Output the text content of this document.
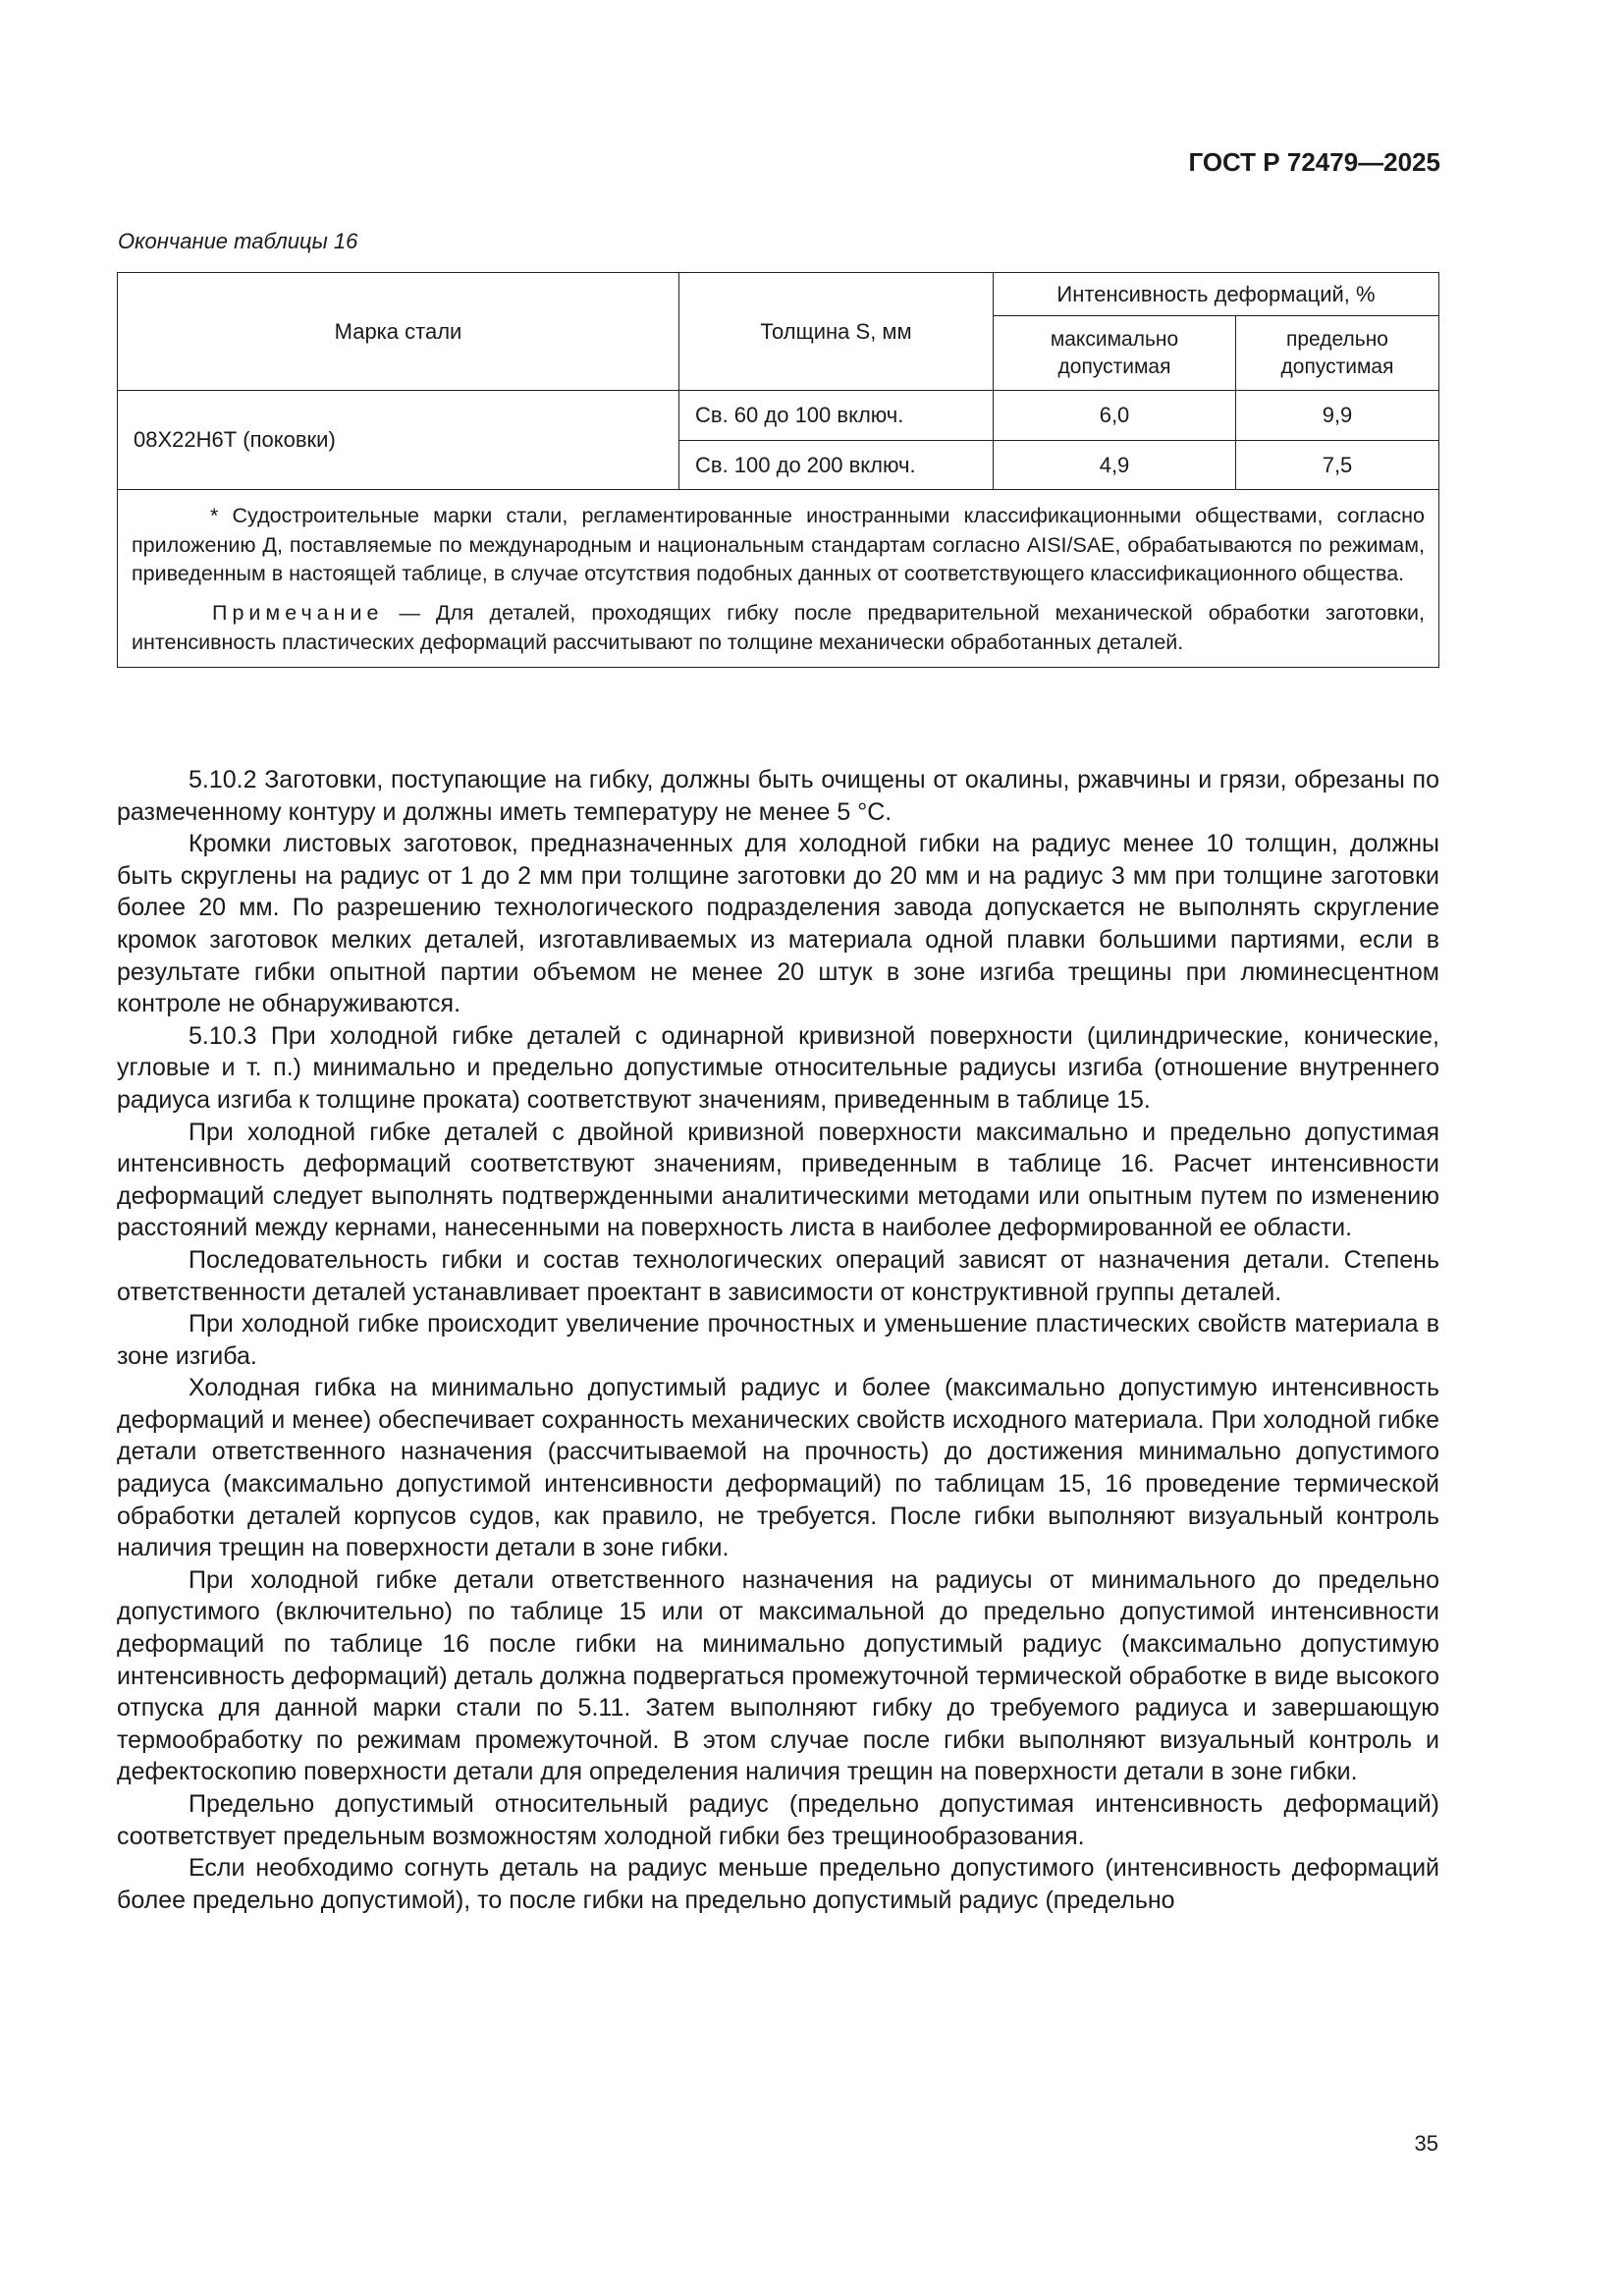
ГОСТ Р 72479—2025
Окончание таблицы 16
Марка стали	Толщина S, мм	Интенсивность деформаций, %	
		максимально допустимая	предельно допустимая
08Х22Н6Т (поковки)	Св. 60 до 100 включ.	6,0	9,9
	Св. 100 до 200 включ.	4,9	7,5

* Судостроительные марки стали, регламентированные иностранными классификационными обществами, согласно приложению Д, поставляемые по международным и национальным стандартам согласно AISI/SAE, обрабатываются по режимам, приведенным в настоящей таблице, в случае отсутствия подобных данных от соответствующего классификационного общества.

Примечание — Для деталей, проходящих гибку после предварительной механической обработки заготовки, интенсивность пластических деформаций рассчитывают по толщине механически обработанных деталей.			

5.10.2 Заготовки, поступающие на гибку, должны быть очищены от окалины, ржавчины и грязи, обрезаны по размеченному контуру и должны иметь температуру не менее 5 °С.

Кромки листовых заготовок, предназначенных для холодной гибки на радиус менее 10 толщин, должны быть скруглены на радиус от 1 до 2 мм при толщине заготовки до 20 мм и на радиус 3 мм при толщине заготовки более 20 мм. По разрешению технологического подразделения завода допускается не выполнять скругление кромок заготовок мелких деталей, изготавливаемых из материала одной плавки большими партиями, если в результате гибки опытной партии объемом не менее 20 штук в зоне изгиба трещины при люминесцентном контроле не обнаруживаются.

5.10.3 При холодной гибке деталей с одинарной кривизной поверхности (цилиндрические, конические, угловые и т. п.) минимально и предельно допустимые относительные радиусы изгиба (отношение внутреннего радиуса изгиба к толщине проката) соответствуют значениям, приведенным в таблице 15.

При холодной гибке деталей с двойной кривизной поверхности максимально и предельно допустимая интенсивность деформаций соответствуют значениям, приведенным в таблице 16. Расчет интенсивности деформаций следует выполнять подтвержденными аналитическими методами или опытным путем по изменению расстояний между кернами, нанесенными на поверхность листа в наиболее деформированной ее области.

Последовательность гибки и состав технологических операций зависят от назначения детали. Степень ответственности деталей устанавливает проектант в зависимости от конструктивной группы деталей.

При холодной гибке происходит увеличение прочностных и уменьшение пластических свойств материала в зоне изгиба.

Холодная гибка на минимально допустимый радиус и более (максимально допустимую интенсивность деформаций и менее) обеспечивает сохранность механических свойств исходного материала. При холодной гибке детали ответственного назначения (рассчитываемой на прочность) до достижения минимально допустимого радиуса (максимально допустимой интенсивности деформаций) по таблицам 15, 16 проведение термической обработки деталей корпусов судов, как правило, не требуется. После гибки выполняют визуальный контроль наличия трещин на поверхности детали в зоне гибки.

При холодной гибке детали ответственного назначения на радиусы от минимального до предельно допустимого (включительно) по таблице 15 или от максимальной до предельно допустимой интенсивности деформаций по таблице 16 после гибки на минимально допустимый радиус (максимально допустимую интенсивность деформаций) деталь должна подвергаться промежуточной термической обработке в виде высокого отпуска для данной марки стали по 5.11. Затем выполняют гибку до требуемого радиуса и завершающую термообработку по режимам промежуточной. В этом случае после гибки выполняют визуальный контроль и дефектоскопию поверхности детали для определения наличия трещин на поверхности детали в зоне гибки.

Предельно допустимый относительный радиус (предельно допустимая интенсивность деформаций) соответствует предельным возможностям холодной гибки без трещинообразования.

Если необходимо согнуть деталь на радиус меньше предельно допустимого (интенсивность деформаций более предельно допустимой), то после гибки на предельно допустимый радиус (предельно

35
